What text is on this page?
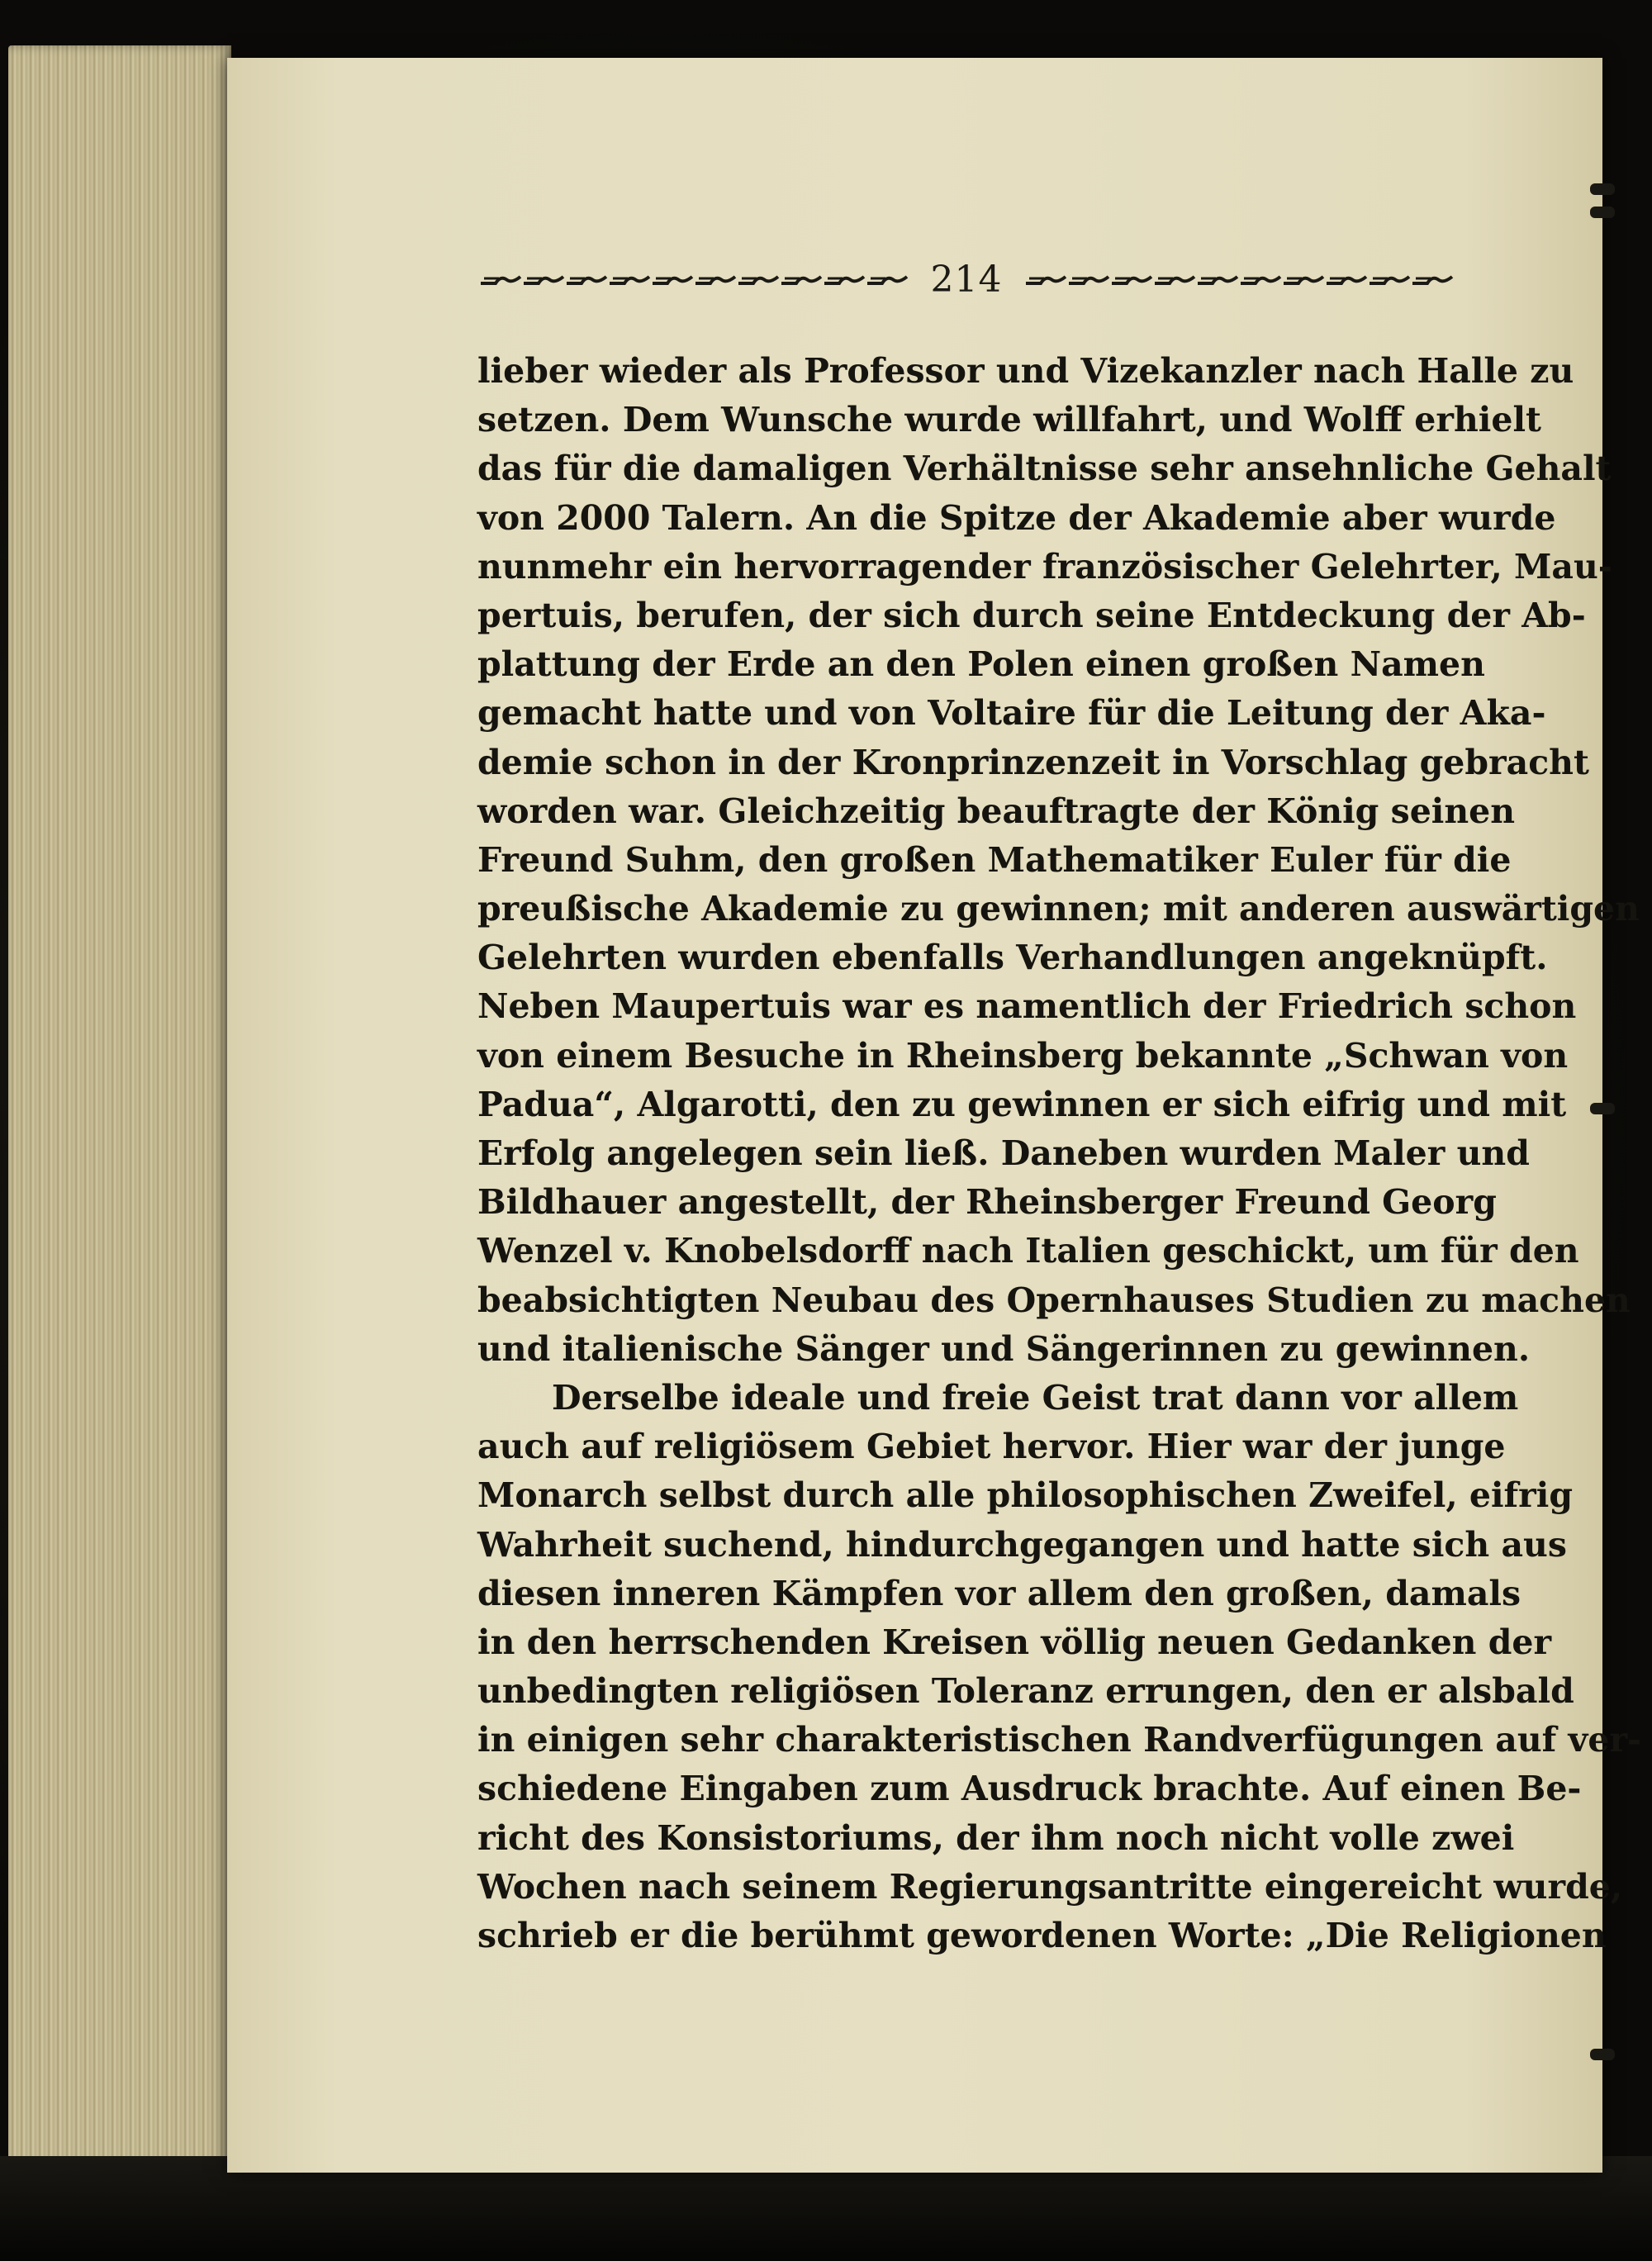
214
lieber wieder als Professor und Vizekanzler nach Halle zu
setzen. Dem Wunsche wurde willfahrt, und Wolff erhielt
das für die damaligen Verhältnisse sehr ansehnliche Gehalt
von 2000 Talern. An die Spitze der Akademie aber wurde
nunmehr ein hervorragender französischer Gelehrter, Mau-
pertuis, berufen, der sich durch seine Entdeckung der Ab-
plattung der Erde an den Polen einen großen Namen
gemacht hatte und von Voltaire für die Leitung der Aka-
demie schon in der Kronprinzenzeit in Vorschlag gebracht
worden war. Gleichzeitig beauftragte der König seinen
Freund Suhm, den großen Mathematiker Euler für die
preußische Akademie zu gewinnen; mit anderen auswärtigen
Gelehrten wurden ebenfalls Verhandlungen angeknüpft.
Neben Maupertuis war es namentlich der Friedrich schon
von einem Besuche in Rheinsberg bekannte „Schwan von
Padua“, Algarotti, den zu gewinnen er sich eifrig und mit
Erfolg angelegen sein ließ. Daneben wurden Maler und
Bildhauer angestellt, der Rheinsberger Freund Georg
Wenzel v. Knobelsdorff nach Italien geschickt, um für den
beabsichtigten Neubau des Opernhauses Studien zu machen
und italienische Sänger und Sängerinnen zu gewinnen.
Derselbe ideale und freie Geist trat dann vor allem
auch auf religiösem Gebiet hervor. Hier war der junge
Monarch selbst durch alle philosophischen Zweifel, eifrig
Wahrheit suchend, hindurchgegangen und hatte sich aus
diesen inneren Kämpfen vor allem den großen, damals
in den herrschenden Kreisen völlig neuen Gedanken der
unbedingten religiösen Toleranz errungen, den er alsbald
in einigen sehr charakteristischen Randverfügungen auf ver-
schiedene Eingaben zum Ausdruck brachte. Auf einen Be-
richt des Konsistoriums, der ihm noch nicht volle zwei
Wochen nach seinem Regierungsantritte eingereicht wurde,
schrieb er die berühmt gewordenen Worte: „Die Religionen
